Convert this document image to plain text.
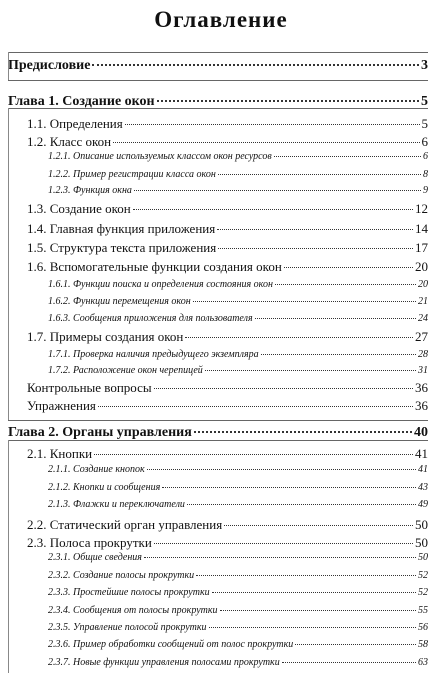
Оглавление
Предисловие	3
Глава 1. Создание окон	5
1.1. Определения	5
1.2. Класс окон	6
1.2.1. Описание используемых классом окон ресурсов	6
1.2.2. Пример регистрации класса окон	8
1.2.3. Функция окна	9
1.3. Создание окон	12
1.4. Главная функция приложения	14
1.5. Структура текста приложения	17
1.6. Вспомогательные функции создания окон	20
1.6.1. Функции поиска и определения состояния окон	20
1.6.2. Функции перемещения окон	21
1.6.3. Сообщения приложения для пользователя	24
1.7. Примеры создания окон	27
1.7.1. Проверка наличия предыдущего экземпляра	28
1.7.2. Расположение окон черепицей	31
Контрольные вопросы	36
Упражнения	36
Глава 2. Органы управления	40
2.1. Кнопки	41
2.1.1. Создание кнопок	41
2.1.2. Кнопки и сообщения	43
2.1.3. Флажки и переключатели	49
2.2. Статический орган управления	50
2.3. Полоса прокрутки	50
2.3.1. Общие сведения	50
2.3.2. Создание полосы прокрутки	52
2.3.3. Простейшие полосы прокрутки	52
2.3.4. Сообщения от полосы прокрутки	55
2.3.5. Управление полосой прокрутки	56
2.3.6. Пример обработки сообщений от полос прокрутки	58
2.3.7. Новые функции управления полосами прокрутки	63
